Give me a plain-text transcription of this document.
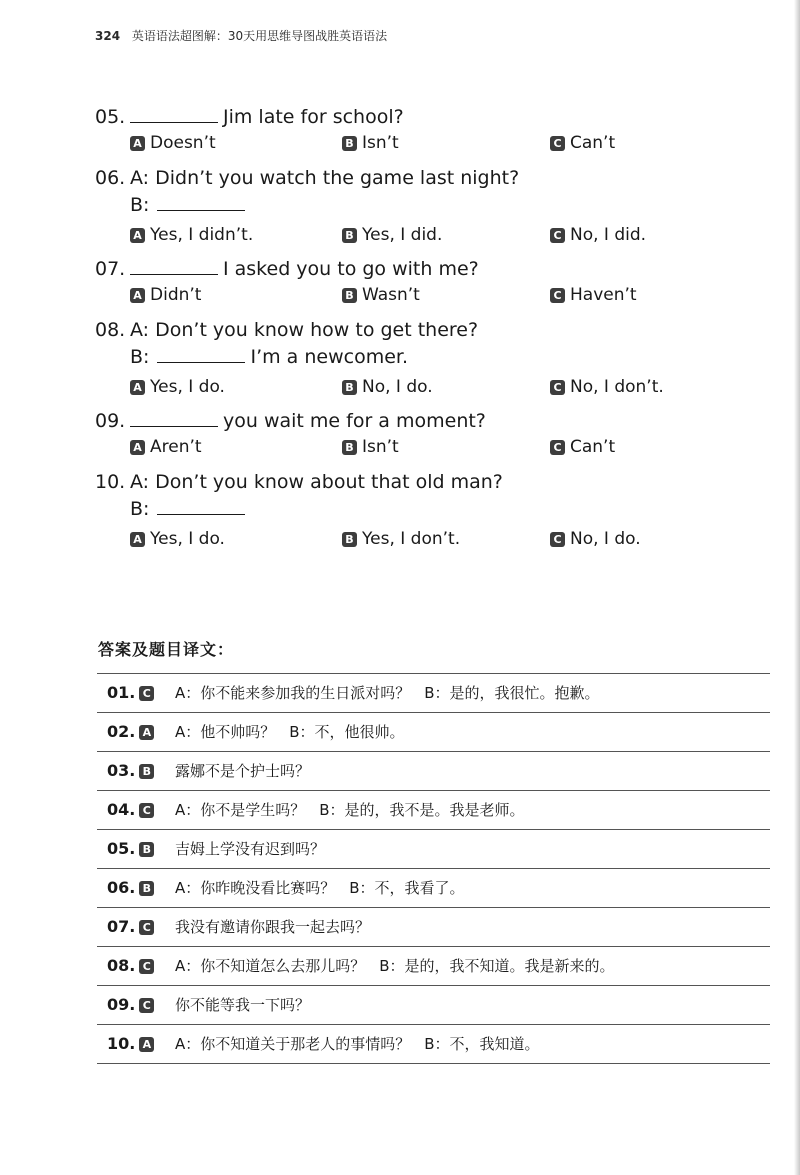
324 英语语法超图解：30天用思维导图战胜英语语法
05.	Jim late for school?
A Doesn’t	B Isn’t	C Can’t
06. A: Didn’t you watch the game last night?
B:
A Yes, I didn’t.	B Yes, I did.	C No, I did.
07.	I asked you to go with me?
A Didn’t	B Wasn’t	C Haven’t
08. A: Don’t you know how to get there?
B:	I’m a newcomer.
A Yes, I do.	B No, I do.	C No, I don’t.
09.	you wait me for a moment?
A Aren’t	B Isn’t	C Can’t
10. A: Don’t you know about that old man?
B:
A Yes, I do.	B Yes, I don’t.	C No, I do.
答案及题目译文：
01. C	A：你不能来参加我的生日派对吗？ B：是的，我很忙。抱歉。
02. A	A：他不帅吗？ B：不，他很帅。
03. B	露娜不是个护士吗？
04. C	A：你不是学生吗？ B：是的，我不是。我是老师。
05. B	吉姆上学没有迟到吗？
06. B	A：你昨晚没看比赛吗？ B：不，我看了。
07. C	我没有邀请你跟我一起去吗？
08. C	A：你不知道怎么去那儿吗？ B：是的，我不知道。我是新来的。
09. C	你不能等我一下吗？
10. A	A：你不知道关于那老人的事情吗？ B：不，我知道。
